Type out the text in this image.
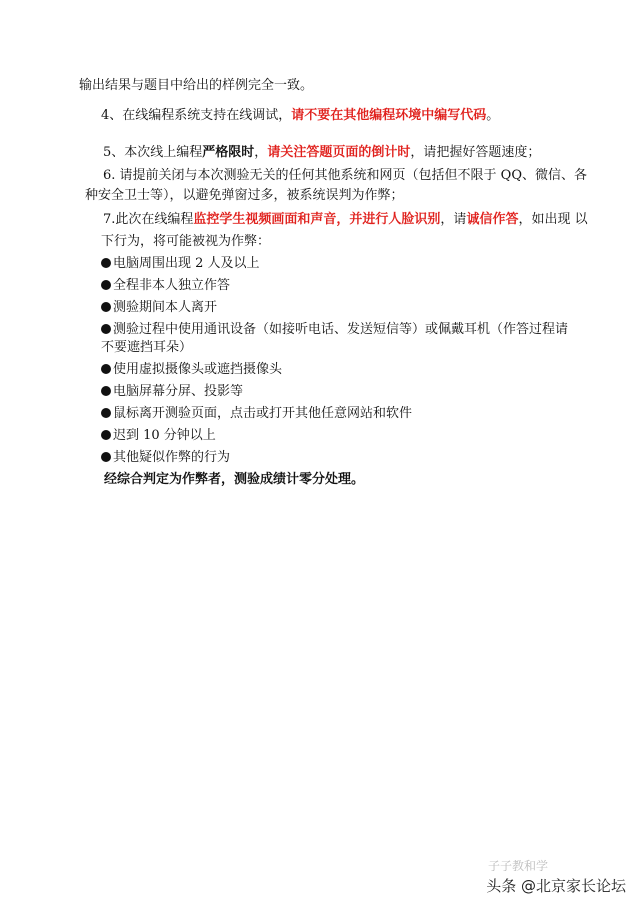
输出结果与题目中给出的样例完全一致。
4、在线编程系统支持在线调试，请不要在其他编程环境中编写代码。
5、本次线上编程严格限时，请关注答题页面的倒计时，请把握好答题速度；
6. 请提前关闭与本次测验无关的任何其他系统和网页（包括但不限于 QQ、微信、各
种安全卫士等），以避免弹窗过多，被系统误判为作弊；
7.此次在线编程监控学生视频画面和声音，并进行人脸识别，请诚信作答，如出现 以
下行为，将可能被视为作弊：
电脑周围出现 2 人及以上
全程非本人独立作答
测验期间本人离开
测验过程中使用通讯设备（如接听电话、发送短信等）或佩戴耳机（作答过程请
不要遮挡耳朵）
使用虚拟摄像头或遮挡摄像头
电脑屏幕分屏、投影等
鼠标离开测验页面，点击或打开其他任意网站和软件
迟到 10 分钟以上
其他疑似作弊的行为
经综合判定为作弊者，测验成绩计零分处理。
子子教和学
头条 @北京家长论坛
